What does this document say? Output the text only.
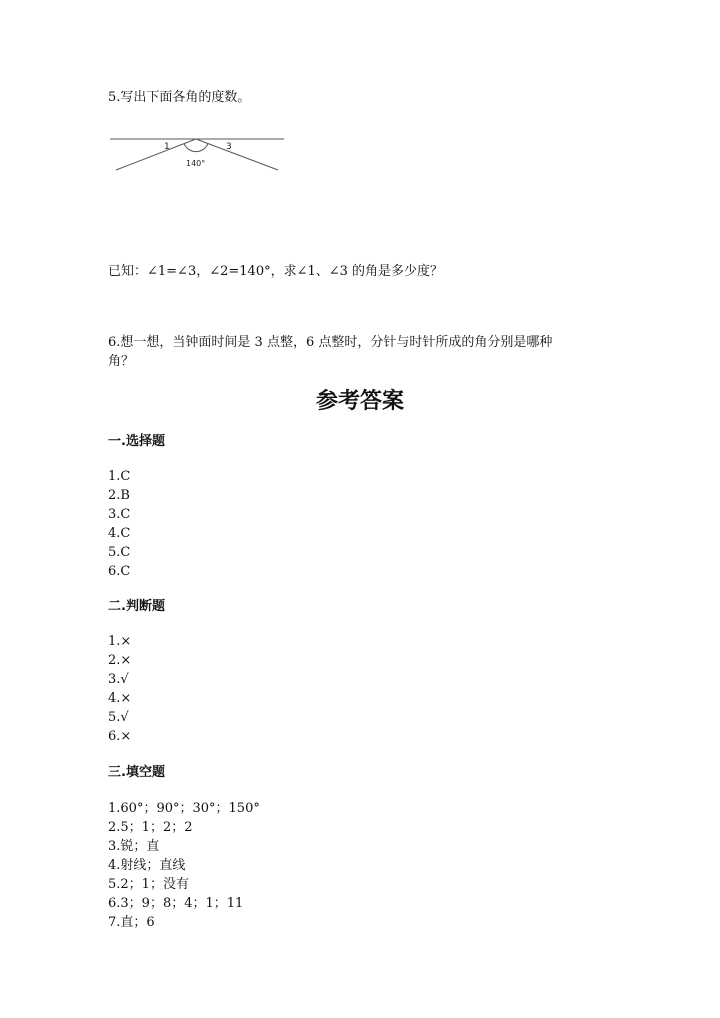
5.写出下面各角的度数。
1	3
140°
已知：∠1=∠3，∠2=140°，求∠1、∠3 的角是多少度？
6.想一想，当钟面时间是 3 点整，6 点整时，分针与时针所成的角分别是哪种
角？
参考答案
一.选择题
1.C
2.B
3.C
4.C
5.C
6.C
二.判断题
1.×
2.×
3.√
4.×
5.√
6.×
三.填空题
1.60°；90°；30°；150°
2.5；1；2；2
3.锐；直
4.射线；直线
5.2；1；没有
6.3；9；8；4；1；11
7.直；6
